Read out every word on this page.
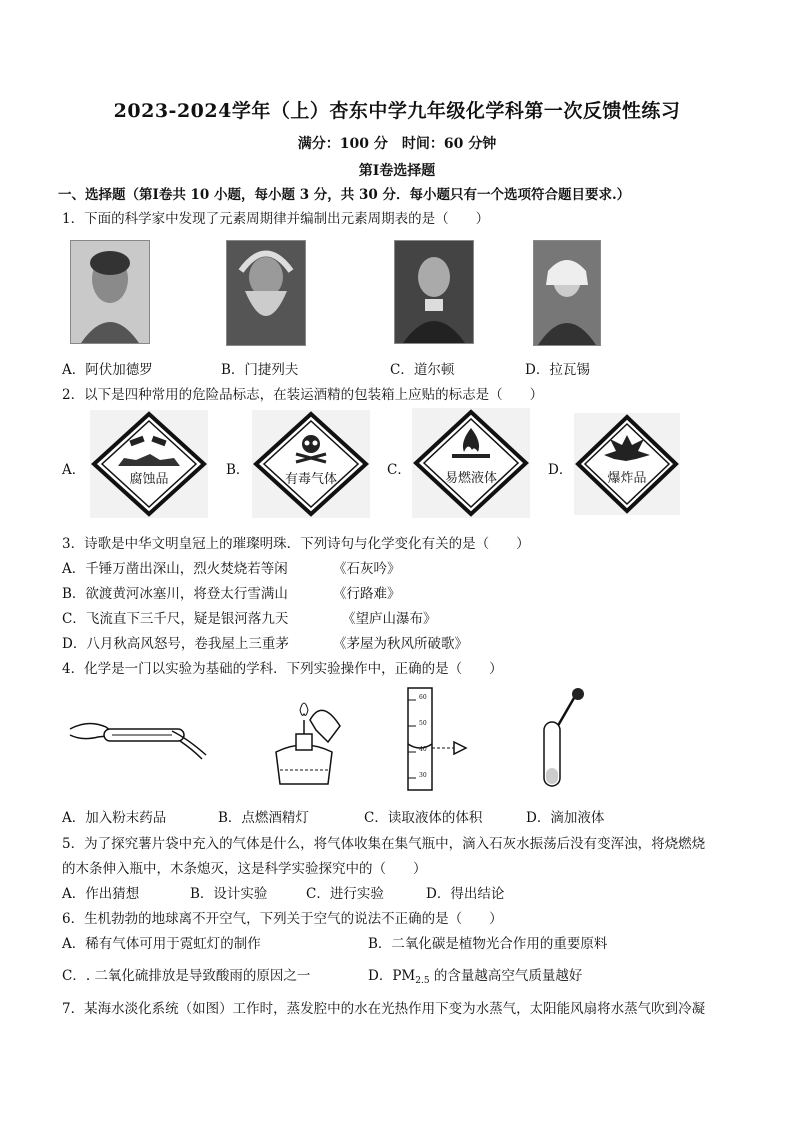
2023-2024学年（上）杏东中学九年级化学科第一次反馈性练习
满分：100 分　时间：60 分钟
第Ⅰ卷选择题
一、选择题（第Ⅰ卷共 10 小题，每小题 3 分，共 30 分．每小题只有一个选项符合题目要求.）
1．下面的科学家中发现了元素周期律并编制出元素周期表的是（　　）
A．阿伏加德罗	B．门捷列夫	C．道尔顿	D．拉瓦锡
2．以下是四种常用的危险品标志，在装运酒精的包装箱上应贴的标志是（　　）
A．
腐蚀品
B．
有毒气体
C．
易燃液体
D．
爆炸品
3．诗歌是中华文明皇冠上的璀璨明珠．下列诗句与化学变化有关的是（　　）
A．千锤万凿出深山，烈火焚烧若等闲	《石灰吟》
B．欲渡黄河冰塞川，将登太行雪满山	《行路难》
C．飞流直下三千尺，疑是银河落九天	《望庐山瀑布》
D．八月秋高风怒号，卷我屋上三重茅	《茅屋为秋风所破歌》
4．化学是一门以实验为基础的学科．下列实验操作中，正确的是（　　）
60
50
40
30
A．加入粉末药品	B．点燃酒精灯	C．读取液体的体积	D．滴加液体
5．为了探究薯片袋中充入的气体是什么，将气体收集在集气瓶中，滴入石灰水振荡后没有变浑浊，将烧燃烧
的木条伸入瓶中，木条熄灭，这是科学实验探究中的（　　）
A．作出猜想	B．设计实验	C．进行实验	D．得出结论
6．生机勃勃的地球离不开空气，下列关于空气的说法不正确的是（　　）
A．稀有气体可用于霓虹灯的制作	B．二氧化碳是植物光合作用的重要原料
C．. 二氧化硫排放是导致酸雨的原因之一	D．$PM_{2.5}$ 的含量越高空气质量越好
7．某海水淡化系统（如图）工作时，蒸发腔中的水在光热作用下变为水蒸气，太阳能风扇将水蒸气吹到冷凝
